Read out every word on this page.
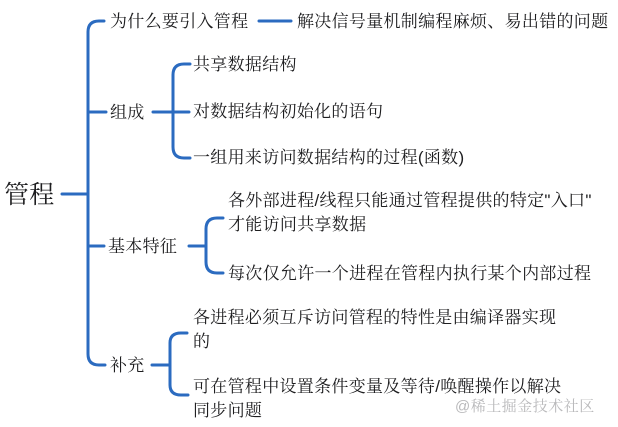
管程
为什么要引入管程	解决信号量机制编程麻烦、易出错的问题
组成
共享数据结构
对数据结构初始化的语句
一组用来访问数据结构的过程(函数)
基本特征
各外部进程/线程只能通过管程提供的特定"入口"
才能访问共享数据
每次仅允许一个进程在管程内执行某个内部过程
补充
各进程必须互斥访问管程的特性是由编译器实现
的
可在管程中设置条件变量及等待/唤醒操作以解决
同步问题	@稀土掘金技术社区
